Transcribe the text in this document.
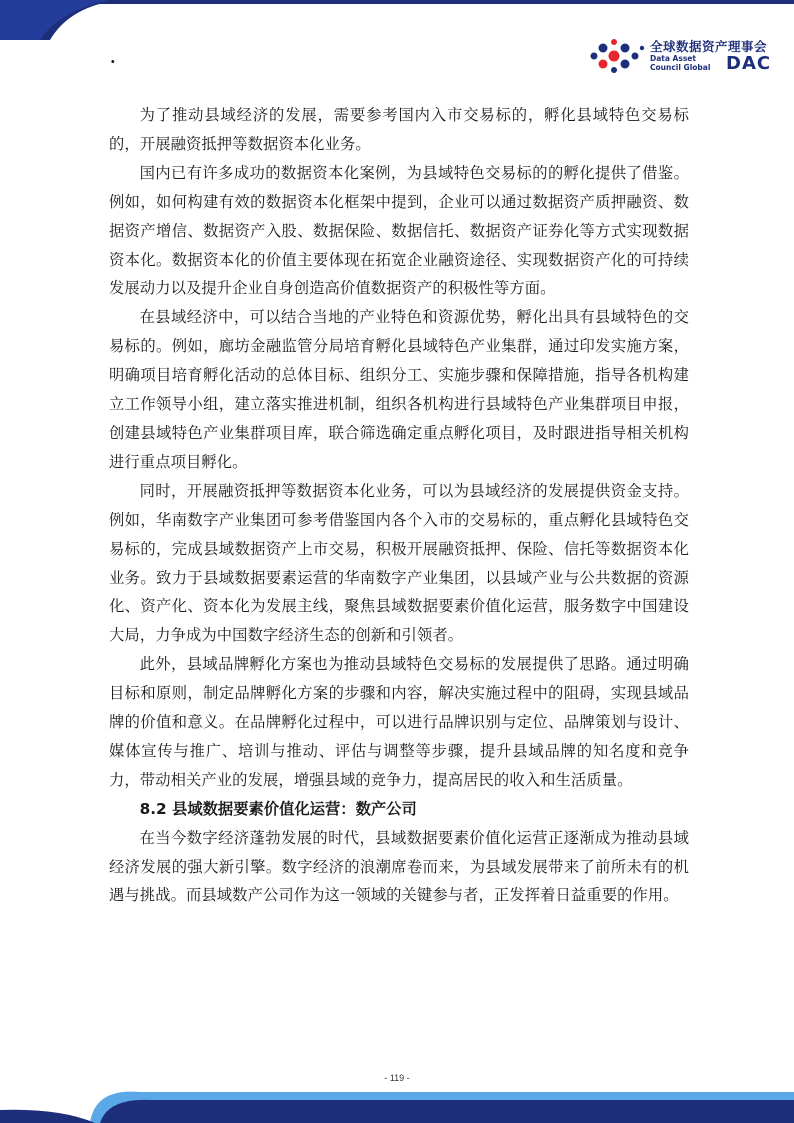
·
全球数据资产理事会
Data Asset
Council Global DAC

为了推动县域经济的发展，需要参考国内入市交易标的，孵化县域特色交易标的，开展融资抵押等数据资本化业务。

国内已有许多成功的数据资本化案例，为县域特色交易标的的孵化提供了借鉴。例如，如何构建有效的数据资本化框架中提到，企业可以通过数据资产质押融资、数据资产增信、数据资产入股、数据保险、数据信托、数据资产证券化等方式实现数据资本化。数据资本化的价值主要体现在拓宽企业融资途径、实现数据资产化的可持续发展动力以及提升企业自身创造高价值数据资产的积极性等方面。

在县域经济中，可以结合当地的产业特色和资源优势，孵化出具有县域特色的交易标的。例如，廊坊金融监管分局培育孵化县域特色产业集群，通过印发实施方案，明确项目培育孵化活动的总体目标、组织分工、实施步骤和保障措施，指导各机构建立工作领导小组，建立落实推进机制，组织各机构进行县域特色产业集群项目申报，创建县域特色产业集群项目库，联合筛选确定重点孵化项目，及时跟进指导相关机构进行重点项目孵化。

同时，开展融资抵押等数据资本化业务，可以为县域经济的发展提供资金支持。例如，华南数字产业集团可参考借鉴国内各个入市的交易标的，重点孵化县域特色交易标的，完成县域数据资产上市交易，积极开展融资抵押、保险、信托等数据资本化业务。致力于县域数据要素运营的华南数字产业集团，以县域产业与公共数据的资源化、资产化、资本化为发展主线，聚焦县域数据要素价值化运营，服务数字中国建设大局，力争成为中国数字经济生态的创新和引领者。

此外，县域品牌孵化方案也为推动县域特色交易标的发展提供了思路。通过明确目标和原则，制定品牌孵化方案的步骤和内容，解决实施过程中的阻碍，实现县域品牌的价值和意义。在品牌孵化过程中，可以进行品牌识别与定位、品牌策划与设计、媒体宣传与推广、培训与推动、评估与调整等步骤，提升县域品牌的知名度和竞争力，带动相关产业的发展，增强县域的竞争力，提高居民的收入和生活质量。

8.2 县域数据要素价值化运营：数产公司

在当今数字经济蓬勃发展的时代，县域数据要素价值化运营正逐渐成为推动县域经济发展的强大新引擎。数字经济的浪潮席卷而来，为县域发展带来了前所未有的机遇与挑战。而县域数产公司作为这一领域的关键参与者，正发挥着日益重要的作用。

- 119 -
